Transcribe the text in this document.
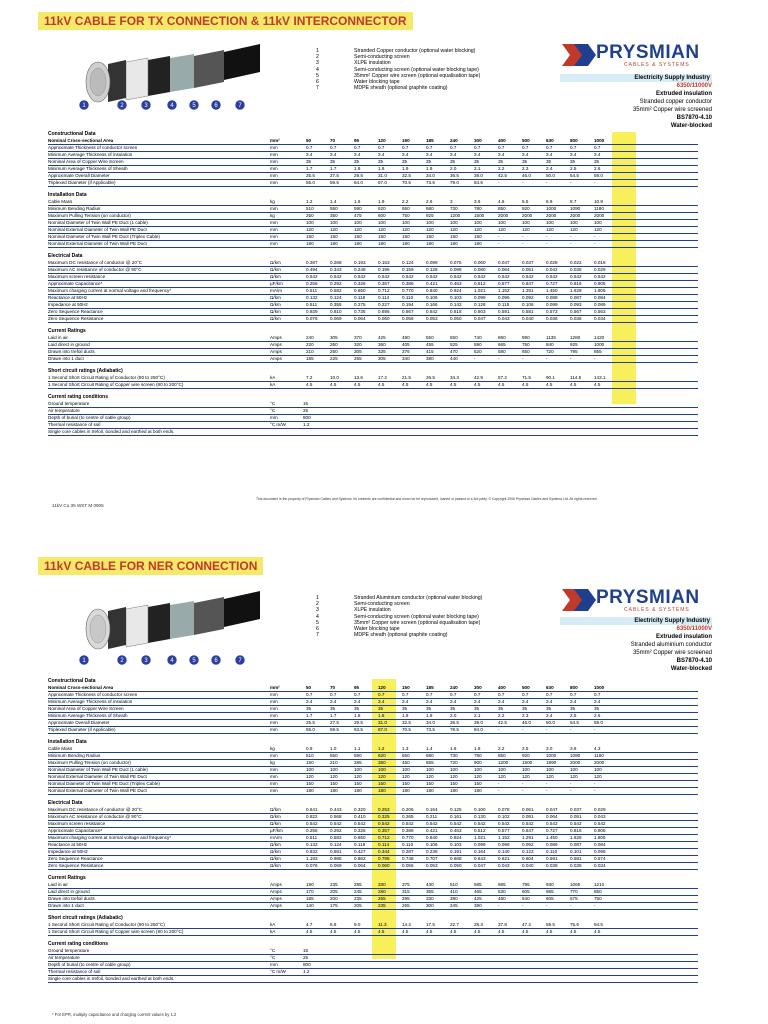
11kV CABLE FOR TX CONNECTION & 11kV INTERCONNECTOR
1	2	3	4	5	6	7
1	Stranded Copper conductor (optional water blocking)
2	Semi-conducting screen
3	XLPE insulation
4	Semi-conducting screen (optional water blocking tape)
5	35mm² Copper wire screen (optional equalisation tape)
6	Water blocking tape
7	MDPE sheath (optional graphite coating)
PRYSMIAN
CABLES & SYSTEMS
Electricity Supply Industry
6350/11000V
Extruded insulation
Stranded copper conductor
35mm² Copper wire screened
BS7870-4.10
Water-blocked
Constructional Data
Nominal Cross-sectional Area	mm²	50	70	95	120	150	185	240	300	400	500	630	800	1000
Approximate Thickness of conductor screen	mm	0.7	0.7	0.7	0.7	0.7	0.7	0.7	0.7	0.7	0.7	0.7	0.7	0.7
Minimum Average Thickness of insulation	mm	3.4	3.4	3.4	3.4	3.4	3.4	3.4	3.4	3.4	3.4	3.4	3.4	3.4
Nominal Area of Copper Wire Screen	mm	35	35	35	35	35	35	35	35	35	35	35	35	35
Minimum Average Thickness of Sheath	mm	1.7	1.7	1.8	1.8	1.9	1.9	2.0	2.1	2.2	2.3	2.4	2.5	2.6
Approximate Overall Diameter	mm	25.5	27.5	29.5	31.0	32.5	34.0	36.5	39.0	42.5	46.0	50.0	54.5	59.0
Triplexed Diameter (if Applicable)	mm	55.0	59.5	64.0	67.0	70.5	73.5	79.0	84.5	-	-	-	-	-
Installation Data
Cable Mass	kg	1.2	1.4	1.6	1.9	2.2	2.6	3	3.6	4.6	5.5	6.9	8.7	10.8
Minimum Bending Radius	mm	510	550	590	620	650	680	730	780	850	920	1000	1090	1180
Maximum Pulling Tension (on conductor)	kg	250	350	475	600	750	925	1200	1500	2000	2000	2000	2000	2000
Nominal Diameter of Twin Wall PE Duct (1 cable)	mm	100	100	100	100	100	100	100	100	100	100	100	100	100
Nominal External Diameter of Twin Wall PE Duct	mm	120	120	120	120	120	120	120	120	120	120	120	120	120
Nominal Diameter of Twin Wall PE Duct (Triplex Cable)	mm	150	150	150	150	150	150	150	150	-	-	-	-	-
Nominal External Diameter of Twin Wall PE Duct	mm	180	180	180	180	180	180	180	180	-	-	-	-	-
Electrical Data
Maximum DC resistance of conductor @ 20°C	Ω/km	0.387	0.268	0.193	0.153	0.124	0.099	0.075	0.060	0.047	0.037	0.028	0.022	0.018
Maximum AC resistance of conductor @ 90°C	Ω/km	0.494	0.343	0.248	0.196	0.159	0.128	0.098	0.080	0.064	0.051	0.042	0.035	0.029
Maximum screen resistance	Ω/km	0.542	0.542	0.542	0.542	0.542	0.542	0.542	0.542	0.542	0.542	0.542	0.542	0.542
Approximate Capacitance*	µF/km	0.256	0.292	0.326	0.357	0.386	0.421	0.463	0.512	0.577	0.647	0.727	0.816	0.905
Maximum charging current at normal voltage and frequency*	mA/m	0.511	0.582	0.650	0.712	0.770	0.840	0.924	1.021	1.152	1.291	1.450	1.628	1.805
Reactance at 50Hz	Ω/km	0.132	0.124	0.118	0.114	0.110	0.106	0.103	0.099	0.096	0.092	0.089	0.087	0.084
Impedance at 50Hz	Ω/km	0.511	0.355	0.275	0.227	0.194	0.166	0.142	0.128	0.115	0.106	0.099	0.093	0.089
Zero Sequence Reactance	Ω/km	0.929	0.810	0.735	0.696	0.667	0.642	0.618	0.603	0.591	0.581	0.573	0.567	0.563
Zero Sequence Resistance	Ω/km	0.076	0.069	0.064	0.060	0.056	0.053	0.050	0.047	0.043	0.040	0.036	0.036	0.034
Current Ratings
Laid in air	Amps	240	305	370	425	480	550	650	740	860	990	1135	1280	1420
Laid direct in ground	Amps	220	260	320	360	405	455	525	590	665	750	840	925	1000
Drawn into trefoil ducts	Amps	210	250	305	335	376	415	470	520	580	650	720	795	855
Drawn into 1 duct	Amps	185	225	265	305	340	380	440	-	-	-	-	-	-
Short circuit ratings (Adiabatic)
1 Second Short Circuit Rating of Conductor (90 to 250°C)	kA	7.2	10.0	13.6	17.2	21.5	26.5	34.3	42.9	57.2	71.5	90.1	114.5	143.1
1 Second Short Circuit Rating of Copper wire screen (80 to 200°C)	kA	4.5	4.5	4.5	4.5	4.5	4.5	4.5	4.5	4.5	4.5	4.5	4.5	4.5
Current rating conditions
Ground temperature	°C	15
Air temperature	°C	25
Depth of burial (to centre of cable group)	mm	800
Thermal resistance of soil	°C m/W	1.2
Single core cables in trefoil, bonded and earthed at both ends.
This document is the property of Prysmian Cables and Systems. Its contents are confidential and must not be reproduced, loaned or passed to a 3rd party. © Copyright 2006 Prysmian Cables and Systems Ltd. All rights reserved.
11kV Cu 35 WST M 0905
11kV CABLE FOR NER CONNECTION
1	2	3	4	5	6	7
1	Stranded Aluminium conductor (optional water blocking)
2	Semi-conducting screen
3	XLPE insulation
4	Semi-conducting screen (optional water blocking tape)
5	35mm² Copper wire screen (optional equalisation tape)
6	Water blocking tape
7	MDPE sheath (optional graphite coating)
PRYSMIAN
CABLES & SYSTEMS
Electricity Supply Industry
6350/11000V
Extruded insulation
Stranded aluminium conductor
35mm² Copper wire screened
BS7870-4.10
Water-blocked
Constructional Data
Nominal Cross-sectional Area	mm²	50	70	95	120	150	185	240	300	400	500	630	800	1000
Approximate Thickness of conductor screen	mm	0.7	0.7	0.7	0.7	0.7	0.7	0.7	0.7	0.7	0.7	0.7	0.7	0.7
Minimum Average Thickness of insulation	mm	3.4	3.4	3.4	3.4	3.4	3.4	3.4	3.4	3.4	3.4	3.4	3.4	3.4
Nominal Area of Copper Wire Screen	mm	35	35	35	35	35	35	35	35	35	35	35	35	35
Minimum Average Thickness of Sheath	mm	1.7	1.7	1.8	1.8	1.9	1.9	2.0	2.1	2.2	2.3	2.4	2.5	2.6
Approximate Overall Diameter	mm	25.5	27.5	29.5	31.0	32.5	34.0	36.5	39.0	42.5	46.0	50.0	54.5	59.0
Triplexed Diameter (if Applicable)	mm	55.0	59.5	63.5	67.0	70.5	73.5	78.5	84.0	-	-	-	-	-
Installation Data
Cable Mass	kg	0.9	1.0	1.1	1.2	1.3	1.4	1.6	1.8	2.2	2.5	3.0	3.6	4.3
Minimum Bending Radius	mm	510	550	590	620	650	680	730	780	850	920	1000	1090	1180
Maximum Pulling Tension (on conductor)	kg	150	210	285	360	450	555	720	900	1200	1500	1890	2000	2000
Nominal Diameter of Twin Wall PE Duct (1 cable)	mm	100	100	100	100	100	100	100	100	100	100	100	100	100
Nominal External Diameter of Twin Wall PE Duct	mm	120	120	120	120	120	120	120	120	120	120	120	120	120
Nominal Diameter of Twin Wall PE Duct (Triplex Cable)	mm	150	150	150	150	150	150	150	150	-	-	-	-	-
Nominal External Diameter of Twin Wall PE Duct	mm	180	180	180	180	180	180	180	180	-	-	-	-	-
Electrical Data
Maximum DC resistance of conductor @ 20°C	Ω/km	0.641	0.443	0.320	0.253	0.206	0.164	0.125	0.100	0.078	0.061	0.047	0.037	0.029
Maximum AC resistance of conductor @ 90°C	Ω/km	0.822	0.568	0.410	0.325	0.265	0.211	0.161	0.130	0.102	0.081	0.064	0.051	0.043
Maximum screen resistance	Ω/km	0.542	0.542	0.542	0.542	0.542	0.542	0.542	0.542	0.542	0.542	0.542	0.542	0.542
Approximate Capacitance*	µF/km	0.256	0.292	0.326	0.357	0.386	0.421	0.463	0.512	0.577	0.647	0.727	0.816	0.905
Maximum charging current at normal voltage and frequency*	mA/m	0.511	0.582	0.650	0.712	0.770	0.840	0.924	1.021	1.152	1.291	1.450	1.628	1.805
Reactance at 50Hz	Ω/km	0.132	0.124	0.118	0.114	0.110	0.106	0.103	0.099	0.096	0.092	0.089	0.087	0.084
Impedance at 50Hz	Ω/km	0.832	0.581	0.427	0.344	0.287	0.236	0.191	0.164	0.140	0.123	0.110	0.101	0.095
Zero Sequence Reactance	Ω/km	1.193	0.985	0.862	0.795	0.748	0.707	0.668	0.643	0.621	0.604	0.591	0.581	0.574
Zero Sequence Resistance	Ω/km	0.076	0.069	0.064	0.060	0.056	0.053	0.050	0.047	0.043	0.040	0.038	0.035	0.034
Current Ratings
Laid in air	Amps	190	235	285	330	375	430	510	585	685	795	930	1065	1210
Laid direct in ground	Amps	170	205	245	280	315	355	410	465	530	605	685	770	850
Drawn into trefoil ducts	Amps	165	200	235	265	295	330	380	425	480	540	605	675	750
Drawn into 1 duct	Amps	140	175	205	235	265	300	345	390	-	-	-	-	-
Short circuit ratings (Adiabatic)
1 Second Short Circuit Rating of Conductor (90 to 250°C)	kA	4.7	6.6	9.0	11.3	14.2	17.5	22.7	28.3	37.8	47.2	59.5	75.6	94.5
1 Second Short Circuit Rating of Copper wire screen (80 to 200°C)	kA	4.5	4.5	4.5	4.5	4.5	4.5	4.5	4.5	4.5	4.5	4.5	4.5	4.5
Current rating conditions
Ground temperature	°C	15
Air temperature	°C	25
Depth of burial (to centre of cable group)	mm	800
Thermal resistance of soil	°C m/W	1.2
Single core cables in trefoil, bonded and earthed at both ends.
* For EPR, multiply capacitance and charging current values by 1.2
